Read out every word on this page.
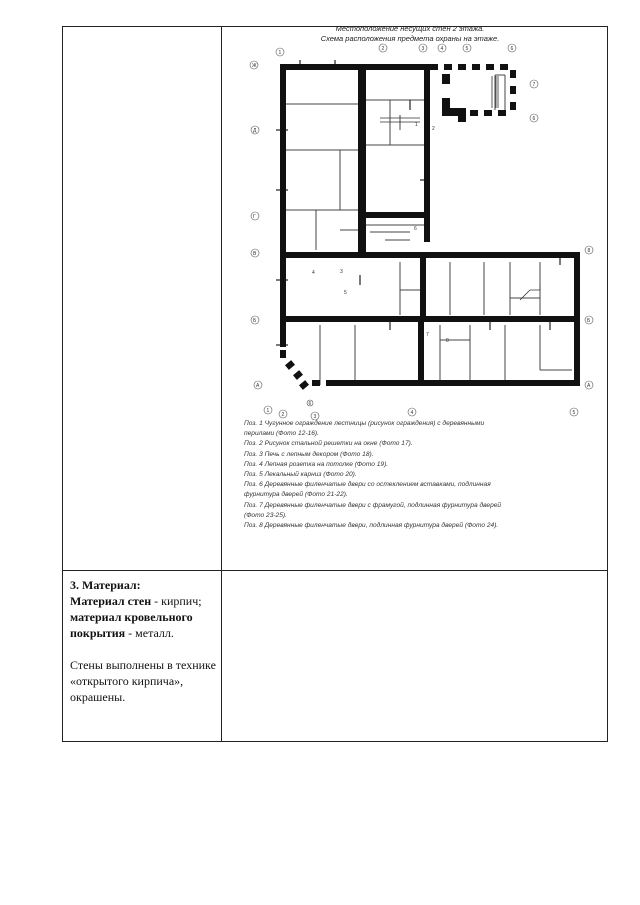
Местоположение несущих стен 2 этажа.
Схема расположения предмета охраны на этаже.
1
2	3	4	5	6
Ж
Д
Г
В
Б
А
7
6
8
Б
А
1
2	3
4	5
6
1
2
3
4
5
6
7
8
Поз. 1 Чугунное ограждение лестницы (рисунок ограждения) с деревянными
перилами (Фото 12-16).
Поз. 2 Рисунок стальной решетки на окне (Фото 17).
Поз. 3 Печь с лепным декором (Фото 18).
Поз. 4 Лепная розетка на потолке (Фото 19).
Поз. 5 Лекальный карниз (Фото 20).
Поз. 6 Деревянные филенчатые двери со остеклением вставками, подлинная
фурнитура дверей (Фото 21-22).
Поз. 7 Деревянные филенчатые двери с фрамугой, подлинная фурнитура дверей
(Фото 23-25).
Поз. 8 Деревянные филенчатые двери, подлинная фурнитура дверей (Фото 24).

3. Материал:

Материал стен - кирпич;

материал кровельного покрытия - металл.

Стены выполнены в технике «открытого кирпича», окрашены.
